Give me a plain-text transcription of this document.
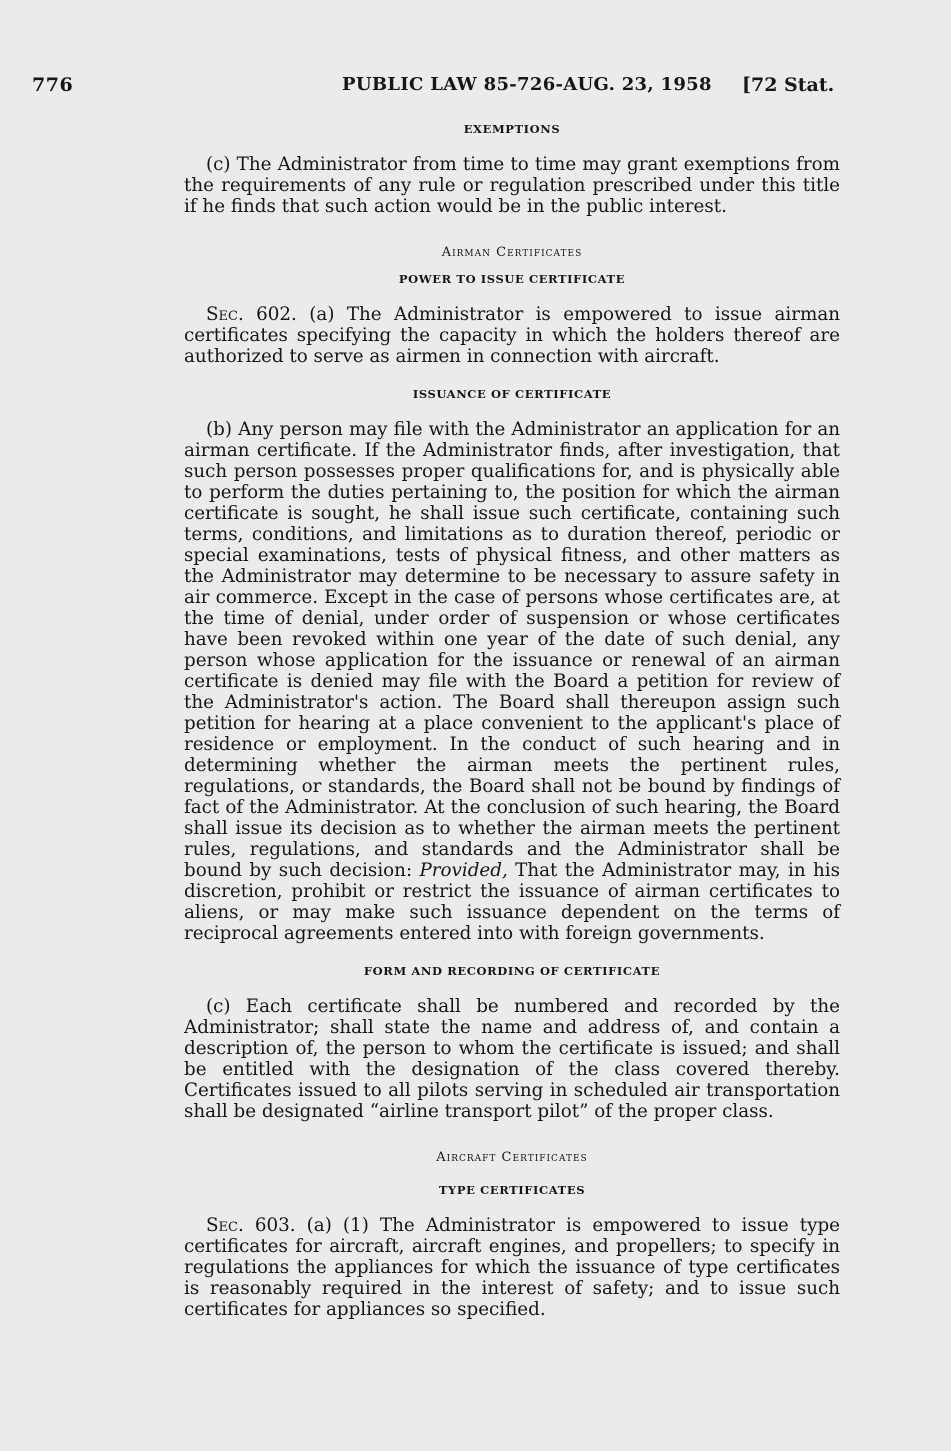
776	PUBLIC LAW 85-726-AUG. 23, 1958 [72 Stat.

EXEMPTIONS

(c) The Administrator from time to time may grant exemptions from the requirements of any rule or regulation prescribed under this title if he finds that such action would be in the public interest.

Airman Certificates

POWER TO ISSUE CERTIFICATE

Sec. 602. (a) The Administrator is empowered to issue airman certificates specifying the capacity in which the holders thereof are authorized to serve as airmen in connection with aircraft.

ISSUANCE OF CERTIFICATE

(b) Any person may file with the Administrator an application for an airman certificate. If the Administrator finds, after investigation, that such person possesses proper qualifications for, and is physically able to perform the duties pertaining to, the position for which the airman certificate is sought, he shall issue such certificate, containing such terms, conditions, and limitations as to duration thereof, periodic or special examinations, tests of physical fitness, and other matters as the Administrator may determine to be necessary to assure safety in air commerce. Except in the case of persons whose certificates are, at the time of denial, under order of suspension or whose certificates have been revoked within one year of the date of such denial, any person whose application for the issuance or renewal of an airman certificate is denied may file with the Board a petition for review of the Administrator's action. The Board shall thereupon assign such petition for hearing at a place convenient to the applicant's place of residence or employment. In the conduct of such hearing and in determining whether the airman meets the pertinent rules, regulations, or standards, the Board shall not be bound by findings of fact of the Administrator. At the conclusion of such hearing, the Board shall issue its decision as to whether the airman meets the pertinent rules, regulations, and standards and the Administrator shall be bound by such decision: Provided, That the Administrator may, in his discretion, prohibit or restrict the issuance of airman certificates to aliens, or may make such issuance dependent on the terms of reciprocal agreements entered into with foreign governments.

FORM AND RECORDING OF CERTIFICATE

(c) Each certificate shall be numbered and recorded by the Administrator; shall state the name and address of, and contain a description of, the person to whom the certificate is issued; and shall be entitled with the designation of the class covered thereby. Certificates issued to all pilots serving in scheduled air transportation shall be designated “airline transport pilot” of the proper class.

Aircraft Certificates

TYPE CERTIFICATES

Sec. 603. (a) (1) The Administrator is empowered to issue type certificates for aircraft, aircraft engines, and propellers; to specify in regulations the appliances for which the issuance of type certificates is reasonably required in the interest of safety; and to issue such certificates for appliances so specified.
